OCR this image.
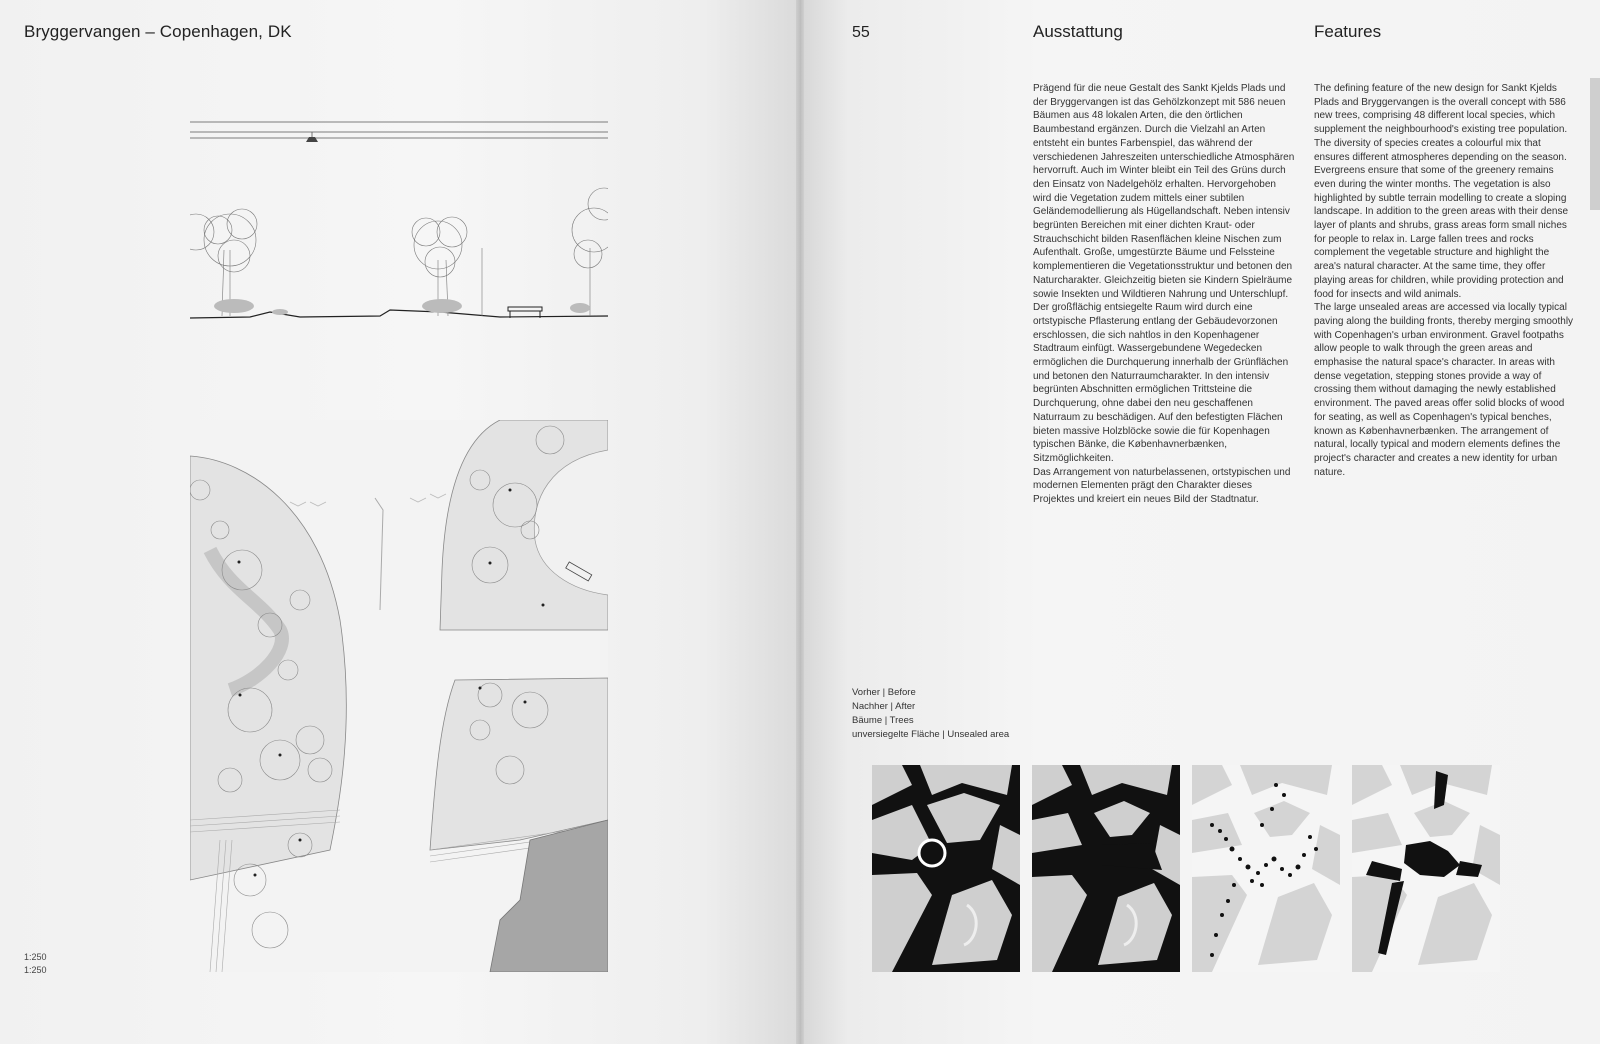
Bryggervangen – Copenhagen, DK
1:250
1:250
55	Ausstattung	Features

Prägend für die neue Gestalt des Sankt Kjelds Plads und der Bryggervangen ist das Gehölzkonzept mit 586 neuen Bäumen aus 48 lokalen Arten, die den örtlichen Baumbestand ergänzen. Durch die Vielzahl an Arten entsteht ein buntes Farbenspiel, das während der verschiedenen Jahreszeiten unterschiedliche Atmosphären hervorruft. Auch im Winter bleibt ein Teil des Grüns durch den Einsatz von Nadelgehölz erhalten. Hervorgehoben wird die Vegetation zudem mittels einer subtilen Geländemodellierung als Hügellandschaft. Neben intensiv begrünten Bereichen mit einer dichten Kraut- oder Strauchschicht bilden Rasenflächen kleine Nischen zum Aufenthalt. Große, umgestürzte Bäume und Felssteine komplementieren die Vegetationsstruktur und betonen den Naturcharakter. Gleichzeitig bieten sie Kindern Spielräume sowie Insekten und Wildtieren Nahrung und Unterschlupf.

Der großflächig entsiegelte Raum wird durch eine ortstypische Pflasterung entlang der Gebäudevorzonen erschlossen, die sich nahtlos in den Kopenhagener Stadtraum einfügt. Wassergebundene Wegedecken ermöglichen die Durchquerung innerhalb der Grünflächen und betonen den Naturraumcharakter. In den intensiv begrünten Abschnitten ermöglichen Trittsteine die Durchquerung, ohne dabei den neu geschaffenen Naturraum zu beschädigen. Auf den befestigten Flächen bieten massive Holzblöcke sowie die für Kopenhagen typischen Bänke, die Københavnerbænken, Sitzmöglichkeiten.

Das Arrangement von naturbelassenen, ortstypischen und modernen Elementen prägt den Charakter dieses Projektes und kreiert ein neues Bild der Stadtnatur.

The defining feature of the new design for Sankt Kjelds Plads and Bryggervangen is the overall concept with 586 new trees, comprising 48 different local species, which supplement the neighbourhood's existing tree population. The diversity of species creates a colourful mix that ensures different atmospheres depending on the season. Evergreens ensure that some of the greenery remains even during the winter months. The vegetation is also highlighted by subtle terrain modelling to create a sloping landscape. In addition to the green areas with their dense layer of plants and shrubs, grass areas form small niches for people to relax in. Large fallen trees and rocks complement the vegetable structure and highlight the area's natural character. At the same time, they offer playing areas for children, while providing protection and food for insects and wild animals.

The large unsealed areas are accessed via locally typical paving along the building fronts, thereby merging smoothly with Copenhagen's urban environment. Gravel footpaths allow people to walk through the green areas and emphasise the natural space's character. In areas with dense vegetation, stepping stones provide a way of crossing them without damaging the newly established environment. The paved areas offer solid blocks of wood for seating, as well as Copenhagen's typical benches, known as Københavnerbænken. The arrangement of natural, locally typical and modern elements defines the project's character and creates a new identity for urban nature.

Vorher | Before
Nachher | After
Bäume | Trees
unversiegelte Fläche | Unsealed area
